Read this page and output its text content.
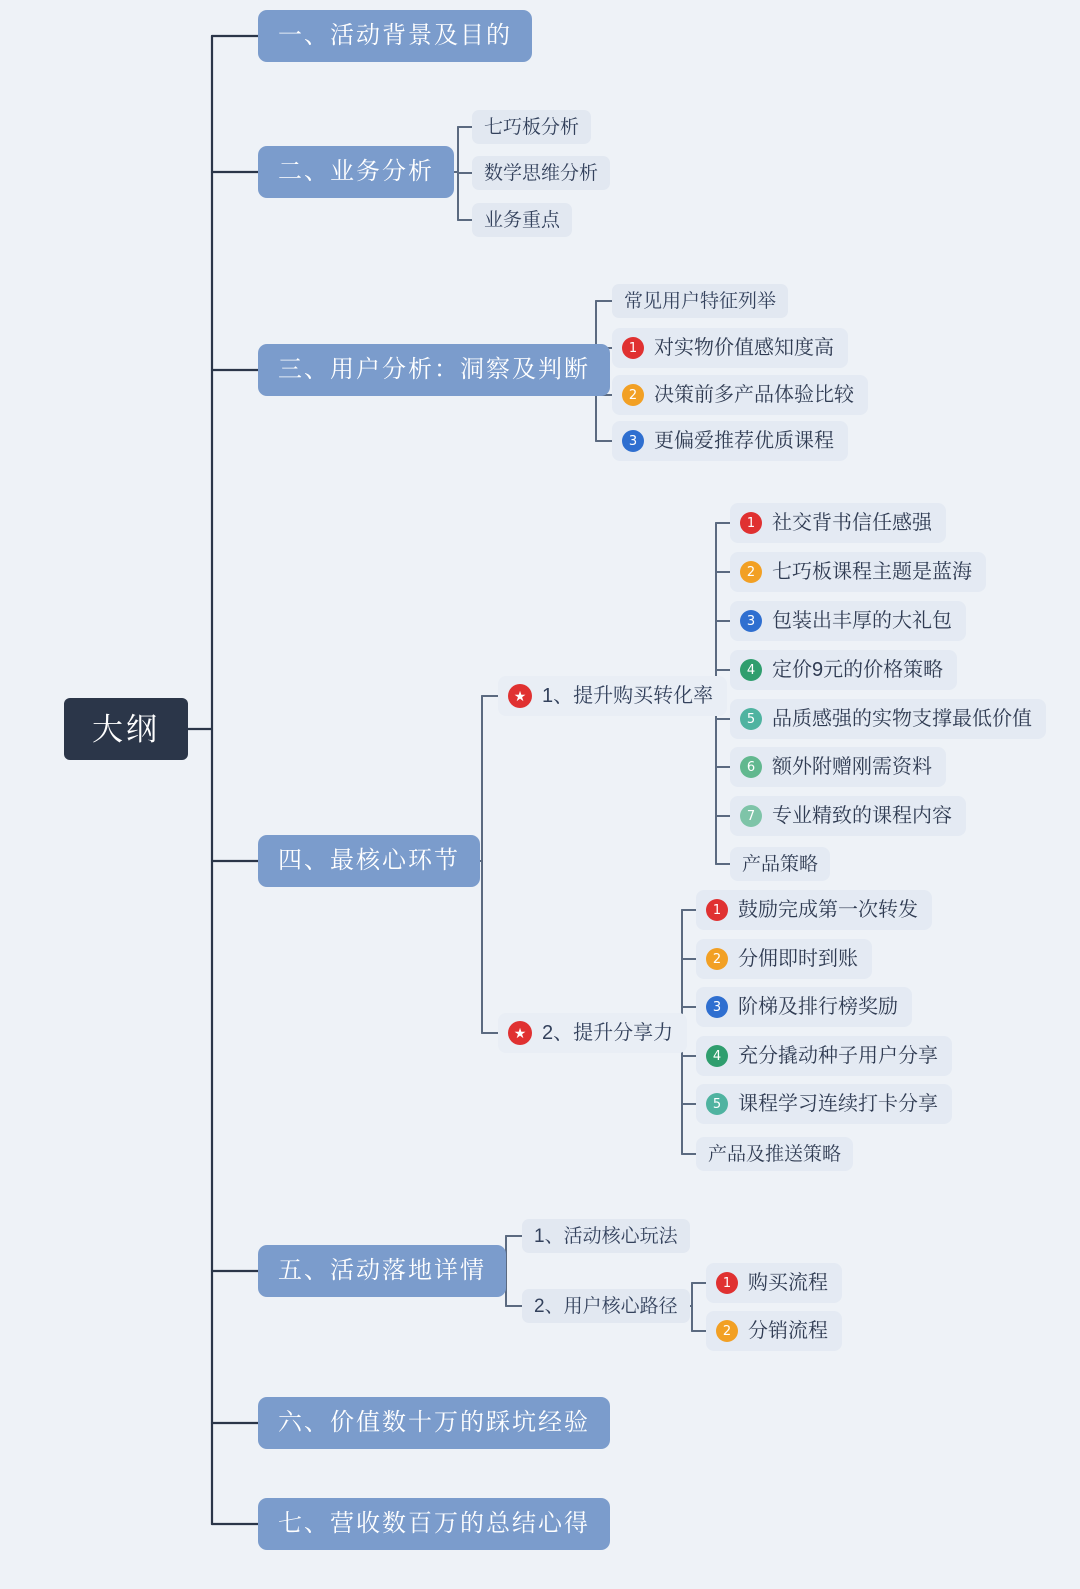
大纲
一、活动背景及目的
二、业务分析
三、用户分析：洞察及判断
四、最核心环节
五、活动落地详情
六、价值数十万的踩坑经验
七、营收数百万的总结心得
七巧板分析
数学思维分析
业务重点
常见用户特征列举
1 对实物价值感知度高
2 决策前多产品体验比较
3 更偏爱推荐优质课程
★ 1、提升购买转化率
1 社交背书信任感强
2 七巧板课程主题是蓝海
3 包装出丰厚的大礼包
4 定价9元的价格策略
5 品质感强的实物支撑最低价值
6 额外附赠刚需资料
7 专业精致的课程内容
产品策略
★ 2、提升分享力
1 鼓励完成第一次转发
2 分佣即时到账
3 阶梯及排行榜奖励
4 充分撬动种子用户分享
5 课程学习连续打卡分享
产品及推送策略
1、活动核心玩法
2、用户核心路径
1 购买流程
2 分销流程
